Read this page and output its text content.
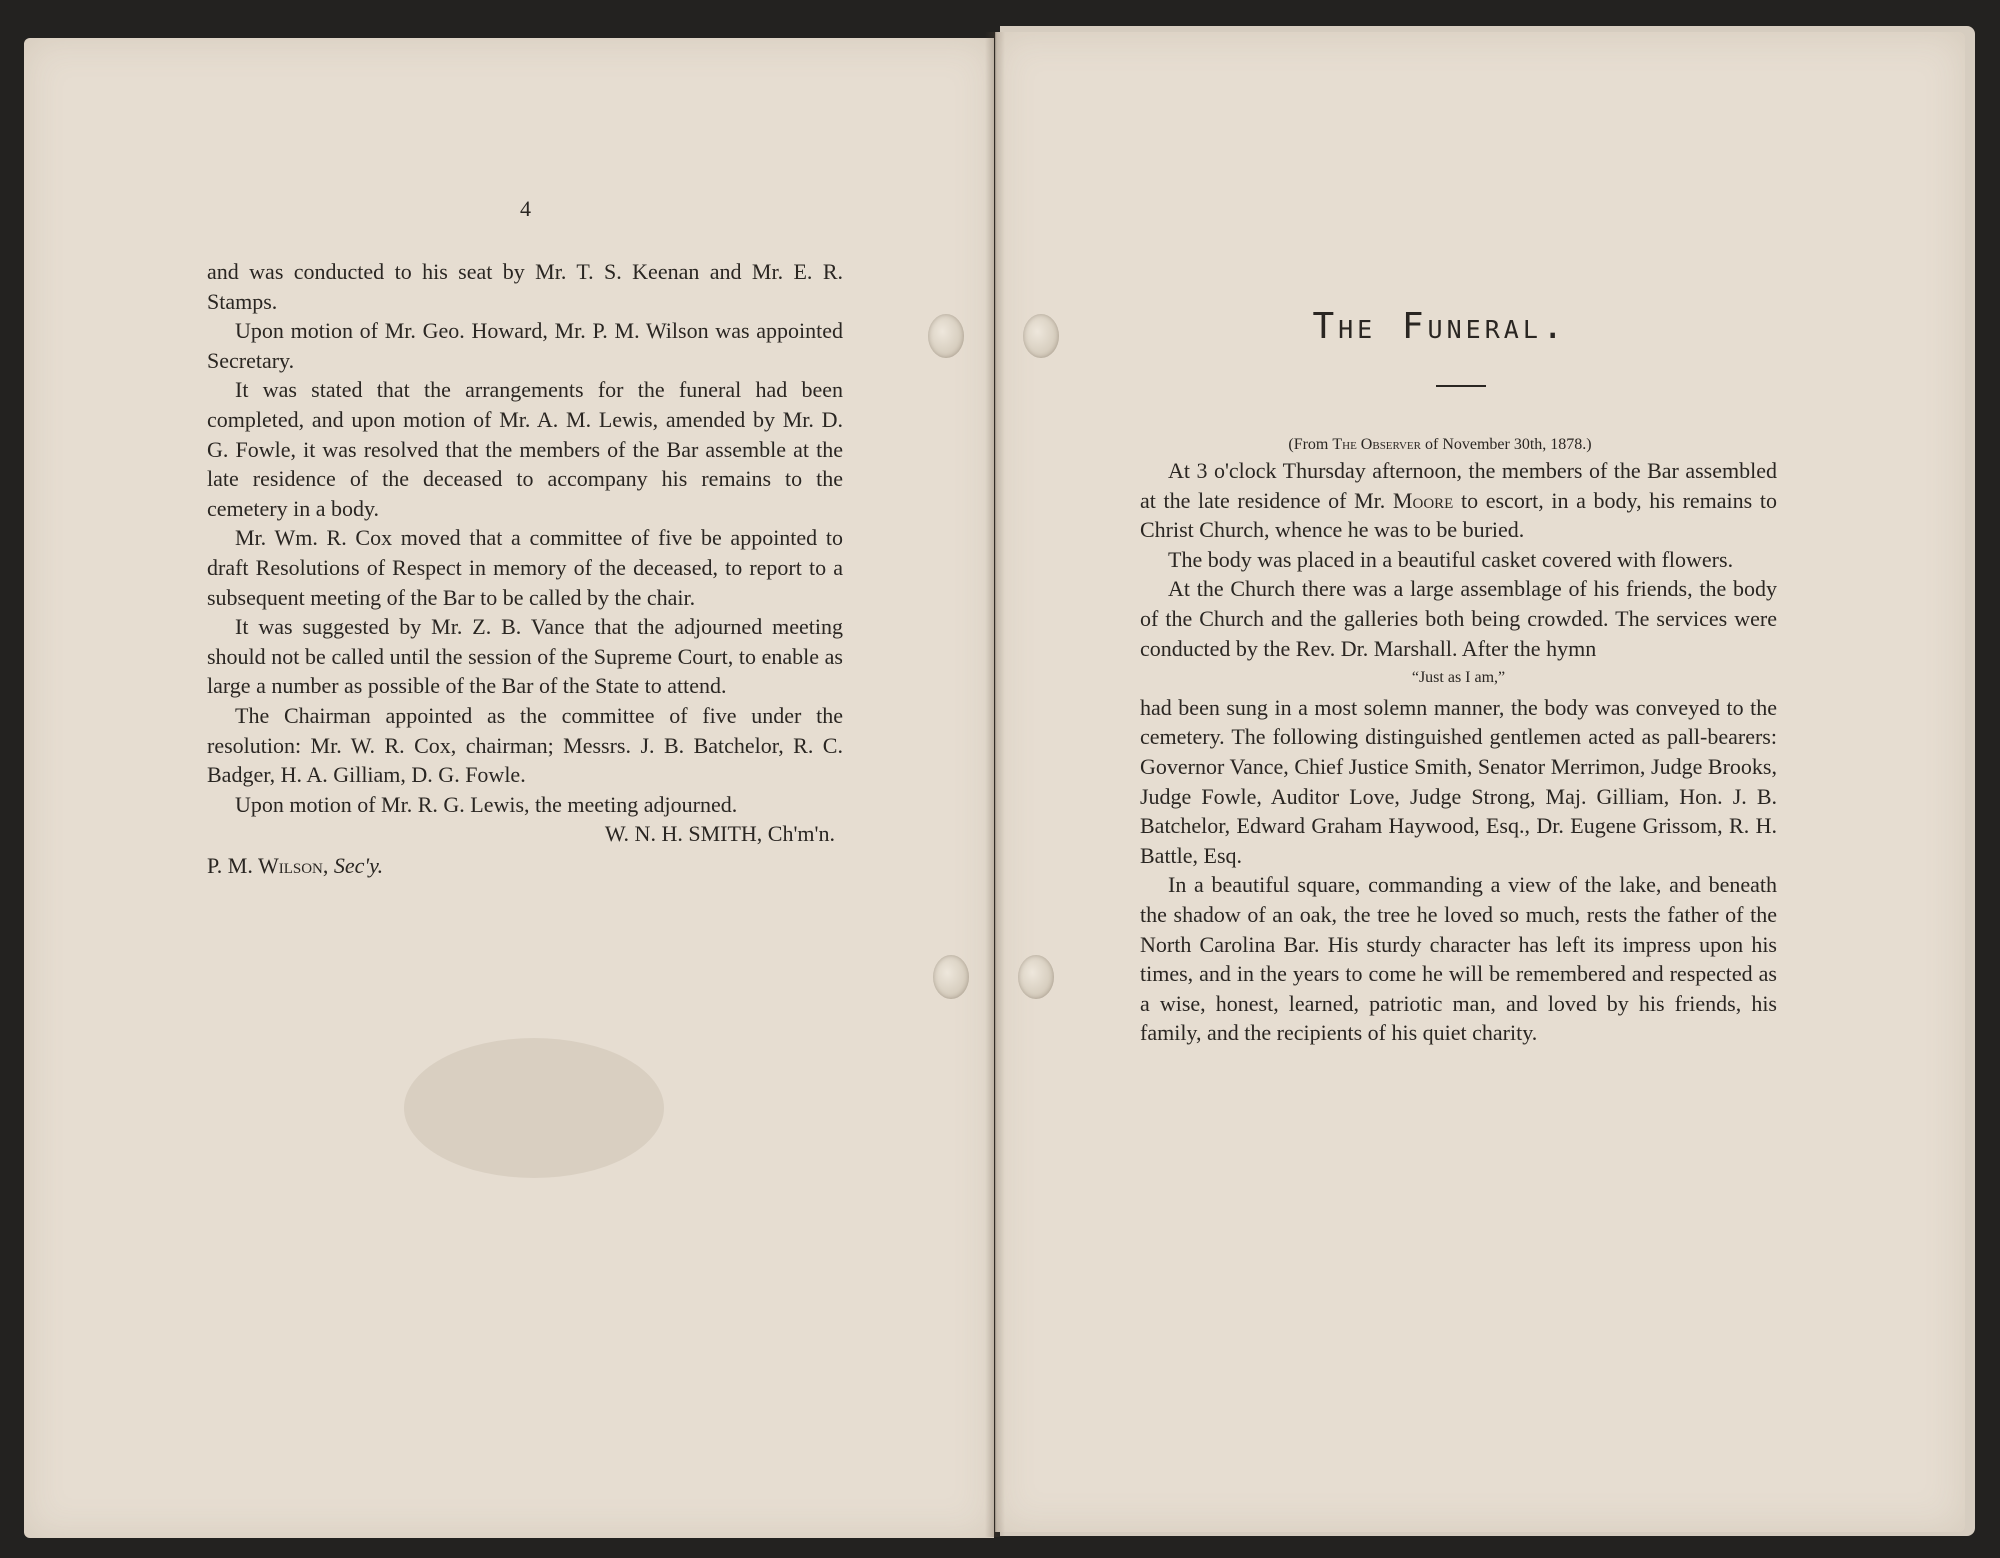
4

and was conducted to his seat by Mr. T. S. Keenan and Mr. E. R. Stamps.

Upon motion of Mr. Geo. Howard, Mr. P. M. Wilson was appointed Secretary.

It was stated that the arrangements for the funeral had been completed, and upon motion of Mr. A. M. Lewis, amended by Mr. D. G. Fowle, it was resolved that the members of the Bar assemble at the late residence of the deceased to accompany his remains to the cemetery in a body.

Mr. Wm. R. Cox moved that a committee of five be appointed to draft Resolutions of Respect in memory of the deceased, to report to a subsequent meeting of the Bar to be called by the chair.

It was suggested by Mr. Z. B. Vance that the adjourned meeting should not be called until the session of the Supreme Court, to enable as large a number as possible of the Bar of the State to attend.

The Chairman appointed as the committee of five under the resolution: Mr. W. R. Cox, chairman; Messrs. J. B. Batchelor, R. C. Badger, H. A. Gilliam, D. G. Fowle.

Upon motion of Mr. R. G. Lewis, the meeting adjourned.

W. N. H. SMITH, Ch'm'n.

P. M. Wilson, Sec'y.

The Funeral.
(From The Observer of November 30th, 1878.)

At 3 o'clock Thursday afternoon, the members of the Bar assembled at the late residence of Mr. Moore to escort, in a body, his remains to Christ Church, whence he was to be buried.

The body was placed in a beautiful casket covered with flowers.

At the Church there was a large assemblage of his friends, the body of the Church and the galleries both being crowded. The services were conducted by the Rev. Dr. Marshall. After the hymn

“Just as I am,”

had been sung in a most solemn manner, the body was conveyed to the cemetery. The following distinguished gentlemen acted as pall-bearers: Governor Vance, Chief Justice Smith, Senator Merrimon, Judge Brooks, Judge Fowle, Auditor Love, Judge Strong, Maj. Gilliam, Hon. J. B. Batchelor, Edward Graham Haywood, Esq., Dr. Eugene Grissom, R. H. Battle, Esq.

In a beautiful square, commanding a view of the lake, and beneath the shadow of an oak, the tree he loved so much, rests the father of the North Carolina Bar. His sturdy character has left its impress upon his times, and in the years to come he will be remembered and respected as a wise, honest, learned, patriotic man, and loved by his friends, his family, and the recipients of his quiet charity.
